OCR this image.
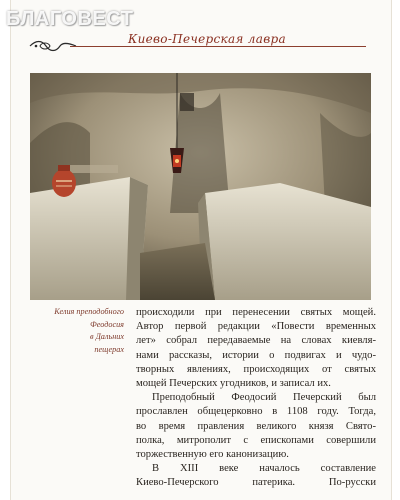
БЛАГОВЕСТ
Киево-Печерская лавра
Келия преподобного
Феодосия
в Дальних
пещерах

происходили при перенесении святых мощей.
Автор первой редакции «Повести временных
лет» собрал передаваемые на словах киевля-
нами рассказы, истории о подвигах и чудо-
творных явлениях, происходящих от святых
мощей Печерских угодников, и записал их.

Преподобный Феодосий Печерский был
прославлен общецерковно в 1108 году. Тогда,
во время правления великого князя Свято-
полка, митрополит с епископами совершили
торжественную его канонизацию.

В XIII веке началось составление
Киево-Печерского патерика. По-русски
